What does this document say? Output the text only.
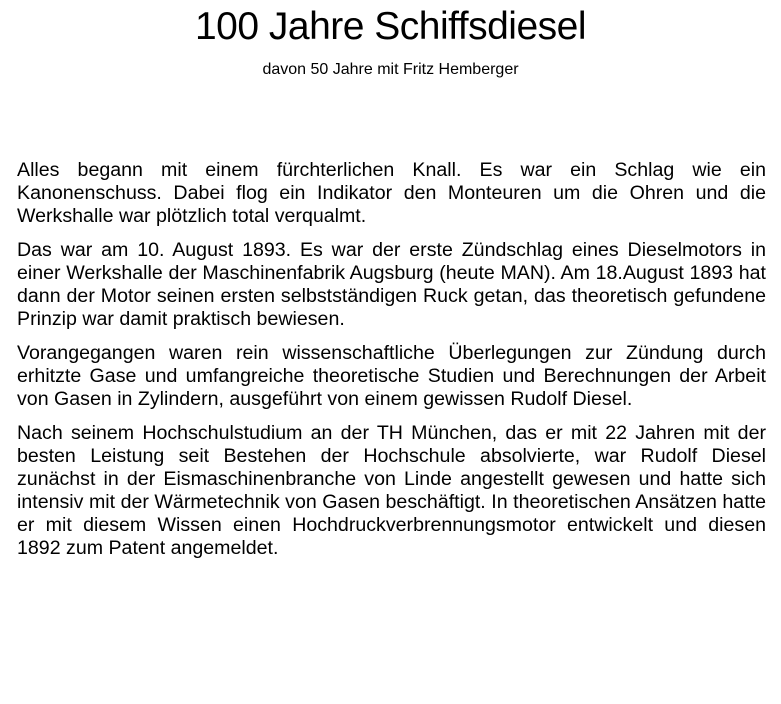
100 Jahre Schiffsdiesel

davon 50 Jahre mit Fritz Hemberger

Alles begann mit einem fürchterlichen Knall. Es war ein Schlag wie ein Kanonenschuss. Dabei flog ein Indikator den Monteuren um die Ohren und die Werkshalle war plötzlich total verqualmt.

Das war am 10. August 1893. Es war der erste Zündschlag eines Dieselmotors in einer Werkshalle der Maschinenfabrik Augsburg (heute MAN). Am 18.August 1893 hat dann der Motor seinen ersten selbstständigen Ruck getan, das theoretisch gefundene Prinzip war damit praktisch bewiesen.

Vorangegangen waren rein wissenschaftliche Überlegungen zur Zündung durch erhitzte Gase und umfangreiche theoretische Studien und Berechnungen der Arbeit von Gasen in Zylindern, ausgeführt von einem gewissen Rudolf Diesel.

Nach seinem Hochschulstudium an der TH München, das er mit 22 Jahren mit der besten Leistung seit Bestehen der Hochschule absolvierte, war Rudolf Diesel zunächst in der Eismaschinenbranche von Linde angestellt gewesen und hatte sich intensiv mit der Wärmetechnik von Gasen beschäftigt. In theoretischen Ansätzen hatte er mit diesem Wissen einen Hochdruckverbrennungsmotor entwickelt und diesen 1892 zum Patent angemeldet.
